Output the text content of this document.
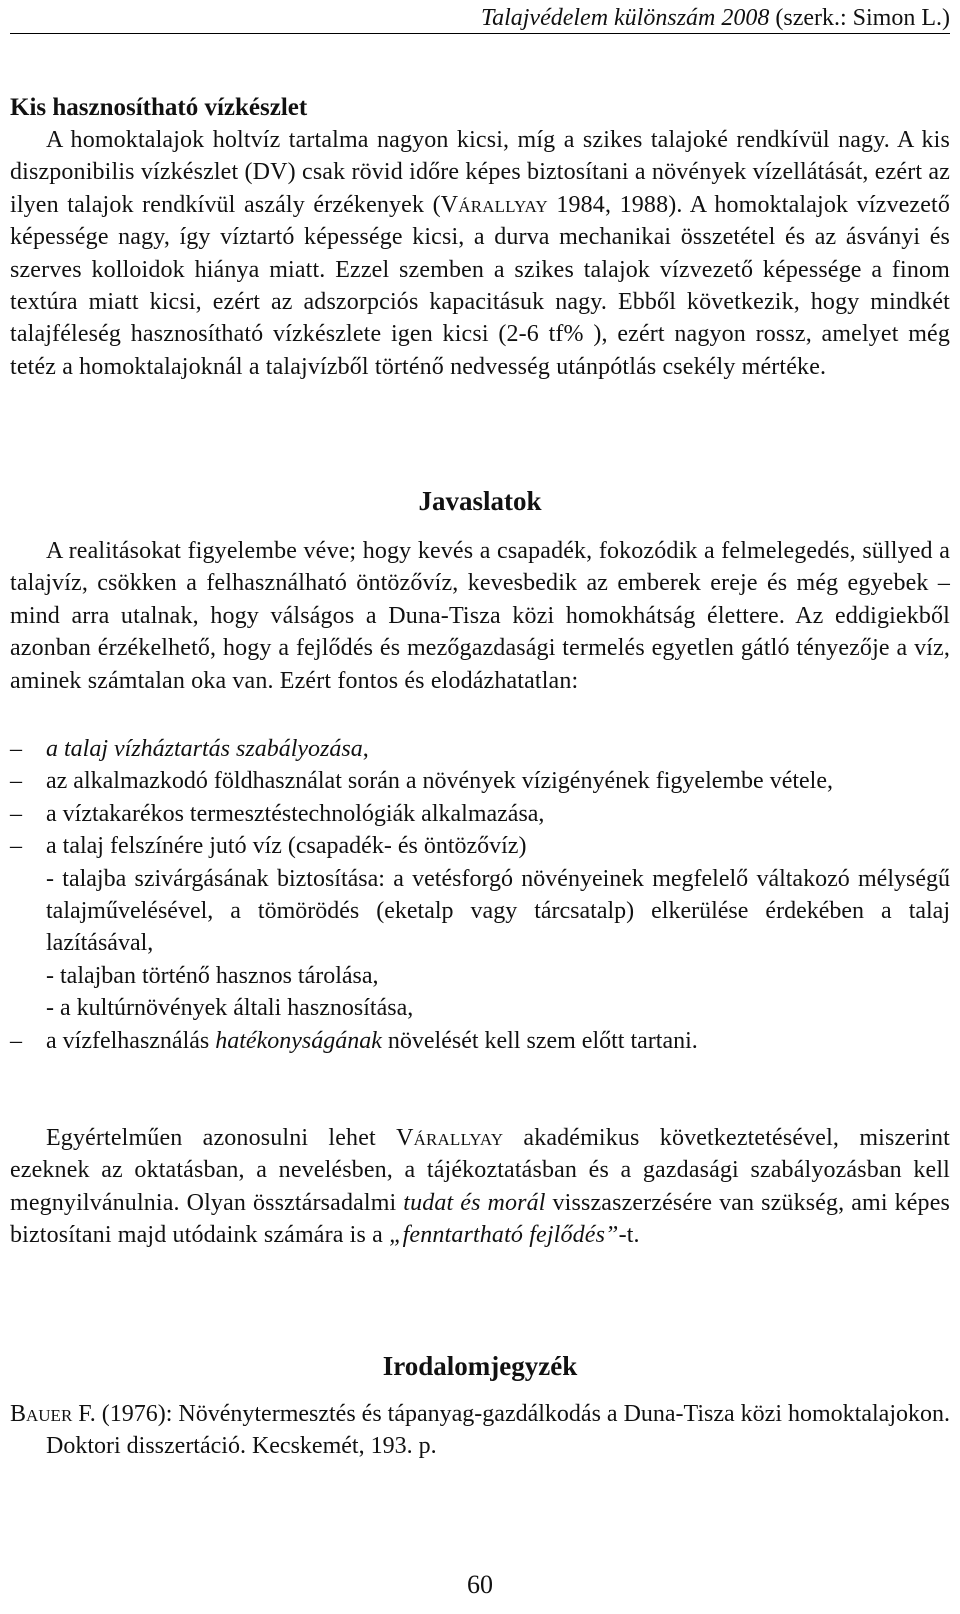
Talajvédelem különszám 2008 (szerk.: Simon L.)
Kis hasznosítható vízkészlet

A homoktalajok holtvíz tartalma nagyon kicsi, míg a szikes talajoké rendkívül nagy. A kis diszponibilis vízkészlet (DV) csak rövid időre képes biztosítani a növények vízellátását, ezért az ilyen talajok rendkívül aszály érzékenyek (Várallyay 1984, 1988). A homoktalajok vízvezető képessége nagy, így víztartó képessége kicsi, a durva mechanikai összetétel és az ásványi és szerves kolloidok hiánya miatt. Ezzel szemben a szikes talajok vízvezető képessége a finom textúra miatt kicsi, ezért az adszorpciós kapacitásuk nagy. Ebből következik, hogy mindkét talajféleség hasznosítható vízkészlete igen kicsi (2-6 tf% ), ezért nagyon rossz, amelyet még tetéz a homoktalajoknál a talajvízből történő nedvesség utánpótlás csekély mértéke.

Javaslatok

A realitásokat figyelembe véve; hogy kevés a csapadék, fokozódik a felmelegedés, süllyed a talajvíz, csökken a felhasználható öntözővíz, kevesbedik az emberek ereje és még egyebek – mind arra utalnak, hogy válságos a Duna-Tisza közi homokhátság élettere. Az eddigiekből azonban érzékelhető, hogy a fejlődés és mezőgazdasági termelés egyetlen gátló tényezője a víz, aminek számtalan oka van. Ezért fontos és elodázhatatlan:

– a talaj vízháztartás szabályozása,
– az alkalmazkodó földhasználat során a növények vízigényének figyelembe vétele,
– a víztakarékos termesztéstechnológiák alkalmazása,
– a talaj felszínére jutó víz (csapadék- és öntözővíz)
- talajba szivárgásának biztosítása: a vetésforgó növényeinek megfelelő váltakozó mélységű talajművelésével, a tömörödés (eketalp vagy tárcsatalp) elkerülése érdekében a talaj lazításával,
- talajban történő hasznos tárolása,
- a kultúrnövények általi hasznosítása,
– a vízfelhasználás hatékonyságának növelését kell szem előtt tartani.

Egyértelműen azonosulni lehet Várallyay akadémikus következtetésével, miszerint ezeknek az oktatásban, a nevelésben, a tájékoztatásban és a gazdasági szabályozásban kell megnyilvánulnia. Olyan össztársadalmi tudat és morál visszaszerzésére van szükség, ami képes biztosítani majd utódaink számára is a „fenntartható fejlődés”-t.

Irodalomjegyzék
Bauer F. (1976): Növénytermesztés és tápanyag-gazdálkodás a Duna-Tisza közi homoktalajokon. Doktori disszertáció. Kecskemét, 193. p.
60
